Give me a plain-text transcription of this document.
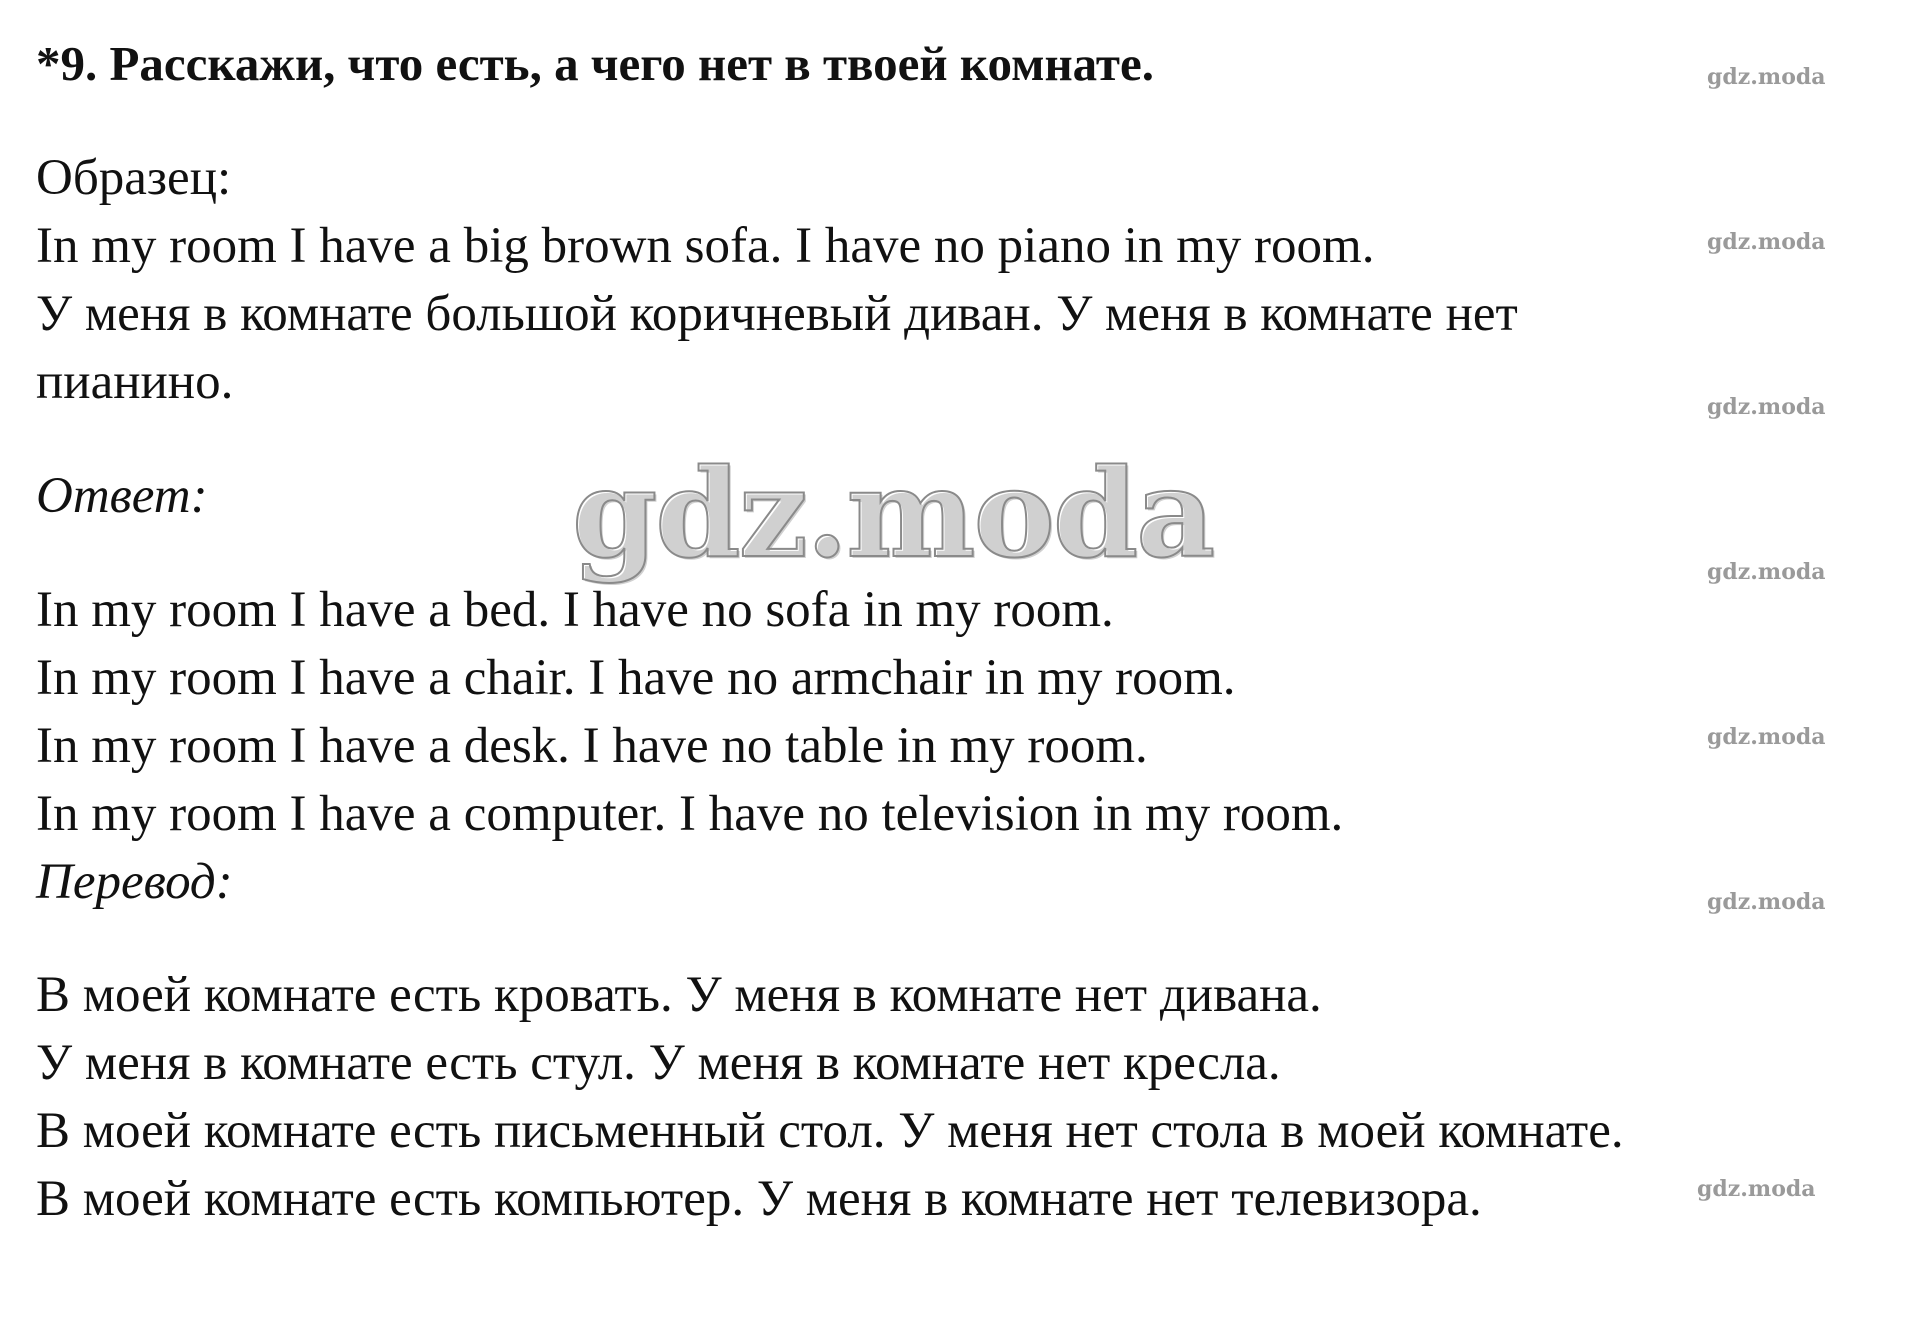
*9. Расскажи, что есть, а чего нет в твоей комнате.
Образец:
In my room I have a big brown sofa. I have no piano in my room.
У меня в комнате большой коричневый диван. У меня в комнате нет
пианино.
Ответ:	gdz.moda
In my room I have a bed. I have no sofa in my room.
In my room I have a chair. I have no armchair in my room.
In my room I have a desk. I have no table in my room.
In my room I have a computer. I have no television in my room.
Перевод:
В моей комнате есть кровать. У меня в комнате нет дивана.
У меня в комнате есть стул. У меня в комнате нет кресла.
В моей комнате есть письменный стол. У меня нет стола в моей комнате.
В моей комнате есть компьютер. У меня в комнате нет телевизора.
gdz.moda
gdz.moda
gdz.moda
gdz.moda
gdz.moda
gdz.moda
gdz.moda
